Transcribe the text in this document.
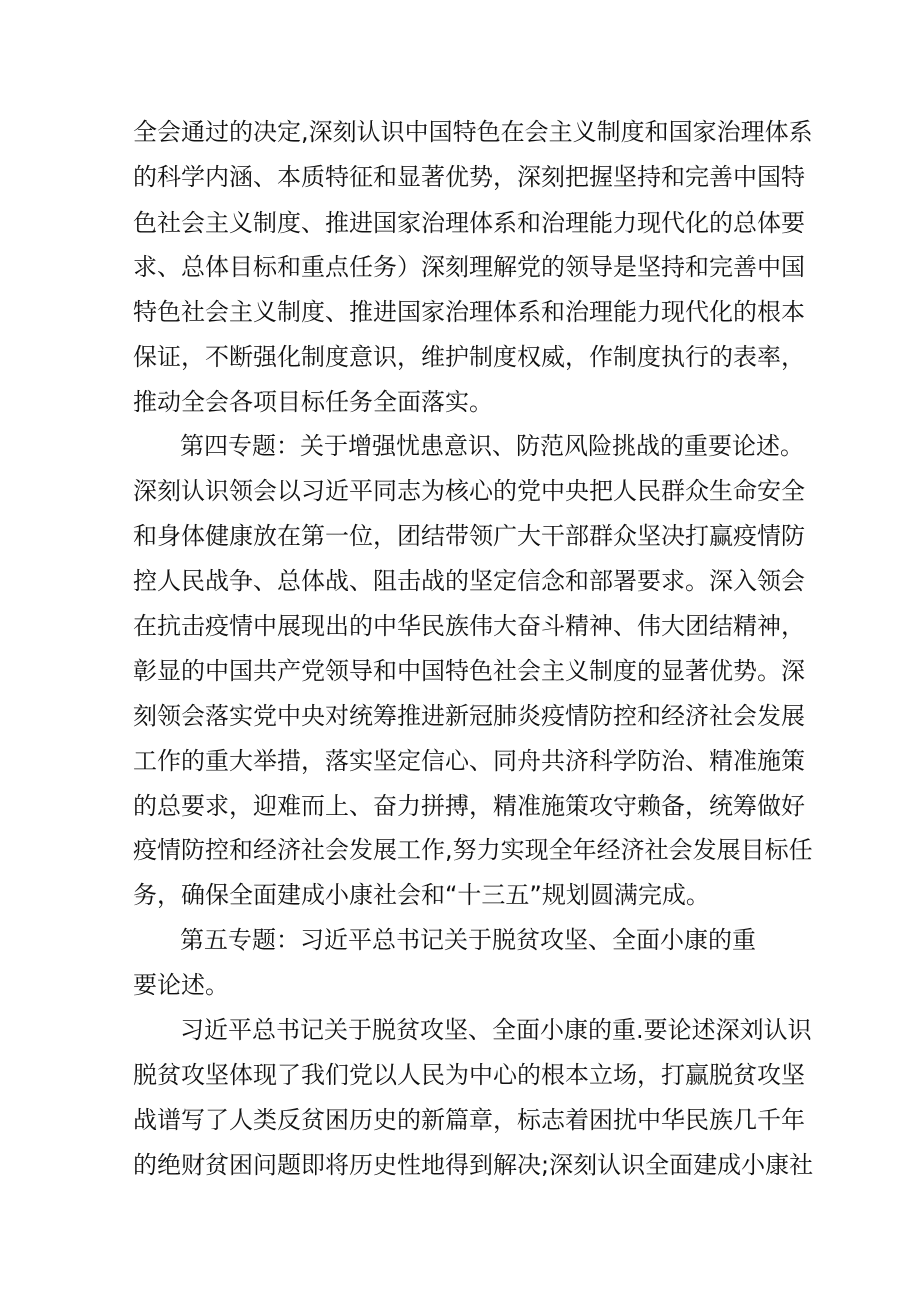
全会通过的决定,深刻认识中国特色在会主义制度和国家治理体系
的科学内涵、本质特征和显著优势，深刻把握坚持和完善中国特
色社会主义制度、推进国家治理体系和治理能力现代化的总体要
求、总体目标和重点任务）深刻理解党的领导是坚持和完善中国
特色社会主义制度、推进国家治理体系和治理能力现代化的根本
保证，不断强化制度意识，维护制度权威，作制度执行的表率，
推动全会各项目标任务全面落实。
第四专题：关于增强忧患意识、防范风险挑战的重要论述。
深刻认识领会以习近平同志为核心的党中央把人民群众生命安全
和身体健康放在第一位，团结带领广大干部群众坚决打赢疫情防
控人民战争、总体战、阻击战的坚定信念和部署要求。深入领会
在抗击疫情中展现出的中华民族伟大奋斗精神、伟大团结精神，
彰显的中国共产党领导和中国特色社会主义制度的显著优势。深
刻领会落实党中央对统筹推进新冠肺炎疫情防控和经济社会发展
工作的重大举措，落实坚定信心、同舟共济科学防治、精准施策
的总要求，迎难而上、奋力拼搏，精准施策攻守赖备，统筹做好
疫情防控和经济社会发展工作,努力实现全年经济社会发展目标任
务，确保全面建成小康社会和“十三五”规划圆满完成。
第五专题：习近平总书记关于脱贫攻坚、全面小康的重
要论述。
习近平总书记关于脱贫攻坚、全面小康的重.要论述深刘认识
脱贫攻坚体现了我们党以人民为中心的根本立场，打赢脱贫攻坚
战谱写了人类反贫困历史的新篇章，标志着困扰中华民族几千年
的绝财贫困问题即将历史性地得到解决;深刻认识全面建成小康社
